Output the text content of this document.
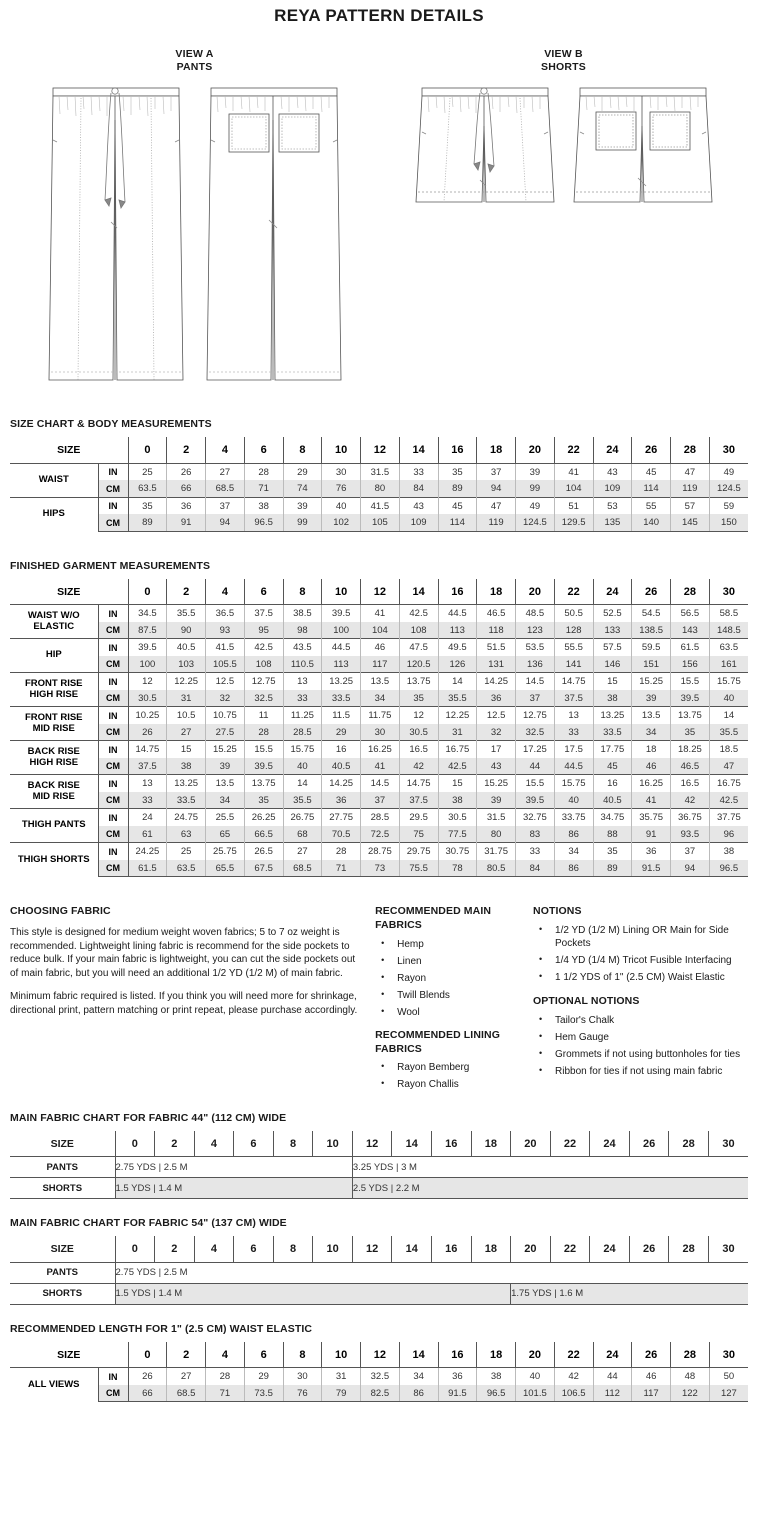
REYA PATTERN DETAILS
VIEW A
PANTS
VIEW B
SHORTS
SIZE CHART & BODY MEASUREMENTS
SIZE		0	2	4	6	8	10	12	14	16	18	20	22	24	26	28	30
WAIST	IN	25	26	27	28	29	30	31.5	33	35	37	39	41	43	45	47	49
	CM	63.5	66	68.5	71	74	76	80	84	89	94	99	104	109	114	119	124.5
HIPS	IN	35	36	37	38	39	40	41.5	43	45	47	49	51	53	55	57	59
	CM	89	91	94	96.5	99	102	105	109	114	119	124.5	129.5	135	140	145	150
FINISHED GARMENT MEASUREMENTS
SIZE		0	2	4	6	8	10	12	14	16	18	20	22	24	26	28	30
WAIST W/O
ELASTIC	IN	34.5	35.5	36.5	37.5	38.5	39.5	41	42.5	44.5	46.5	48.5	50.5	52.5	54.5	56.5	58.5
	CM	87.5	90	93	95	98	100	104	108	113	118	123	128	133	138.5	143	148.5
HIP	IN	39.5	40.5	41.5	42.5	43.5	44.5	46	47.5	49.5	51.5	53.5	55.5	57.5	59.5	61.5	63.5
	CM	100	103	105.5	108	110.5	113	117	120.5	126	131	136	141	146	151	156	161
FRONT RISE
HIGH RISE	IN	12	12.25	12.5	12.75	13	13.25	13.5	13.75	14	14.25	14.5	14.75	15	15.25	15.5	15.75
	CM	30.5	31	32	32.5	33	33.5	34	35	35.5	36	37	37.5	38	39	39.5	40
FRONT RISE
MID RISE	IN	10.25	10.5	10.75	11	11.25	11.5	11.75	12	12.25	12.5	12.75	13	13.25	13.5	13.75	14
	CM	26	27	27.5	28	28.5	29	30	30.5	31	32	32.5	33	33.5	34	35	35.5
BACK RISE
HIGH RISE	IN	14.75	15	15.25	15.5	15.75	16	16.25	16.5	16.75	17	17.25	17.5	17.75	18	18.25	18.5
	CM	37.5	38	39	39.5	40	40.5	41	42	42.5	43	44	44.5	45	46	46.5	47
BACK RISE
MID RISE	IN	13	13.25	13.5	13.75	14	14.25	14.5	14.75	15	15.25	15.5	15.75	16	16.25	16.5	16.75
	CM	33	33.5	34	35	35.5	36	37	37.5	38	39	39.5	40	40.5	41	42	42.5
THIGH PANTS	IN	24	24.75	25.5	26.25	26.75	27.75	28.5	29.5	30.5	31.5	32.75	33.75	34.75	35.75	36.75	37.75
	CM	61	63	65	66.5	68	70.5	72.5	75	77.5	80	83	86	88	91	93.5	96
THIGH SHORTS	IN	24.25	25	25.75	26.5	27	28	28.75	29.75	30.75	31.75	33	34	35	36	37	38
	CM	61.5	63.5	65.5	67.5	68.5	71	73	75.5	78	80.5	84	86	89	91.5	94	96.5
CHOOSING FABRIC
This style is designed for medium weight woven fabrics; 5 to 7 oz weight is recommended. Lightweight lining fabric is recommend for the side pockets to reduce bulk. If your main fabric is lightweight, you can cut the side pockets out of main fabric, but you will need an additional 1/2 YD (1/2 M) of main fabric.
Minimum fabric required is listed. If you think you will need more for shrinkage, directional print, pattern matching or print repeat, please purchase accordingly.
RECOMMENDED MAIN FABRICS
• Hemp
• Linen
• Rayon
• Twill Blends
• Wool
RECOMMENDED LINING FABRICS
• Rayon Bemberg
• Rayon Challis
NOTIONS
• 1/2 YD (1/2 M) Lining OR Main for Side Pockets
• 1/4 YD (1/4 M) Tricot Fusible Interfacing
• 1 1/2 YDS of 1" (2.5 CM) Waist Elastic
OPTIONAL NOTIONS
• Tailor's Chalk
• Hem Gauge
• Grommets if not using buttonholes for ties
• Ribbon for ties if not using main fabric
MAIN FABRIC CHART FOR FABRIC 44" (112 CM) WIDE
SIZE	0	2	4	6	8	10	12	14	16	18	20	22	24	26	28	30
PANTS	2.75 YDS | 2.5 M						3.25 YDS | 3 M									
SHORTS	1.5 YDS | 1.4 M						2.5 YDS | 2.2 M									
MAIN FABRIC CHART FOR FABRIC 54" (137 CM) WIDE
SIZE	0	2	4	6	8	10	12	14	16	18	20	22	24	26	28	30
PANTS	2.75 YDS | 2.5 M															
SHORTS	1.5 YDS | 1.4 M										1.75 YDS | 1.6 M					
RECOMMENDED LENGTH FOR 1" (2.5 CM) WAIST ELASTIC
SIZE		0	2	4	6	8	10	12	14	16	18	20	22	24	26	28	30
ALL VIEWS	IN	26	27	28	29	30	31	32.5	34	36	38	40	42	44	46	48	50
	CM	66	68.5	71	73.5	76	79	82.5	86	91.5	96.5	101.5	106.5	112	117	122	127
